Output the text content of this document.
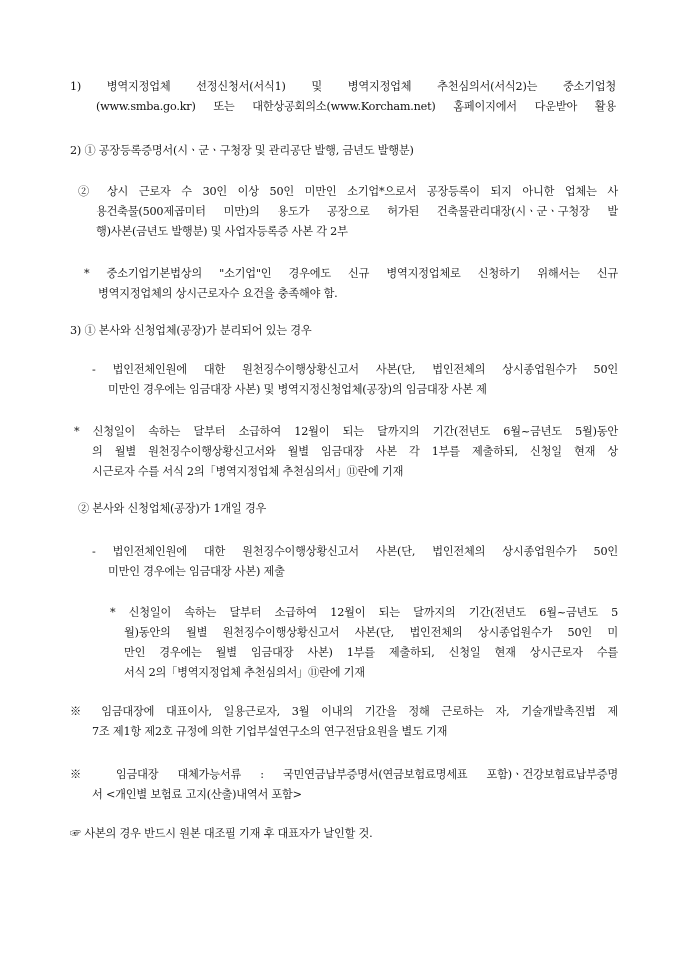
1) 병역지정업체 선정신청서(서식1) 및 병역지정업체 추천심의서(서식2)는 중소기업청

(www.smba.go.kr) 또는 대한상공회의소(www.Korcham.net) 홈페이지에서 다운받아 활용

2) ① 공장등록증명서(시ㆍ군ㆍ구청장 및 관리공단 발행, 금년도 발행분)

② 상시 근로자 수 30인 이상 50인 미만인 소기업*으로서 공장등록이 되지 아니한 업체는 사

용건축물(500제곱미터 미만)의 용도가 공장으로 허가된 건축물관리대장(시ㆍ군ㆍ구청장 발

행)사본(금년도 발행분) 및 사업자등록증 사본 각 2부

* 중소기업기본법상의 "소기업"인 경우에도 신규 병역지정업체로 신청하기 위해서는 신규

병역지정업체의 상시근로자수 요건을 충족해야 함.

3) ① 본사와 신청업체(공장)가 분리되어 있는 경우

- 법인전체인원에 대한 원천징수이행상황신고서 사본(단, 법인전체의 상시종업원수가 50인

미만인 경우에는 임금대장 사본) 및 병역지정신청업체(공장)의 임금대장 사본 제

* 신청일이 속하는 달부터 소급하여 12월이 되는 달까지의 기간(전년도 6월~금년도 5월)동안

의 월별 원천징수이행상황신고서와 월별 임금대장 사본 각 1부를 제출하되, 신청일 현재 상

시근로자 수를 서식 2의「병역지정업체 추천심의서」⑪란에 기재

② 본사와 신청업체(공장)가 1개일 경우

- 법인전체인원에 대한 원천징수이행상황신고서 사본(단, 법인전체의 상시종업원수가 50인

미만인 경우에는 임금대장 사본) 제출

* 신청일이 속하는 달부터 소급하여 12월이 되는 달까지의 기간(전년도 6월~금년도 5

월)동안의 월별 원천징수이행상황신고서 사본(단, 법인전체의 상시종업원수가 50인 미

만인 경우에는 월별 임금대장 사본) 1부를 제출하되, 신청일 현재 상시근로자 수를

서식 2의「병역지정업체 추천심의서」⑪란에 기재

※ 임금대장에 대표이사, 일용근로자, 3월 이내의 기간을 정해 근로하는 자, 기술개발촉진법 제

7조 제1항 제2호 규정에 의한 기업부설연구소의 연구전담요원을 별도 기재

※ 임금대장 대체가능서류 : 국민연금납부증명서(연금보험료명세표 포함)ㆍ건강보험료납부증명

서 <개인별 보험료 고지(산출)내역서 포함>

☞ 사본의 경우 반드시 원본 대조필 기재 후 대표자가 날인할 것.
